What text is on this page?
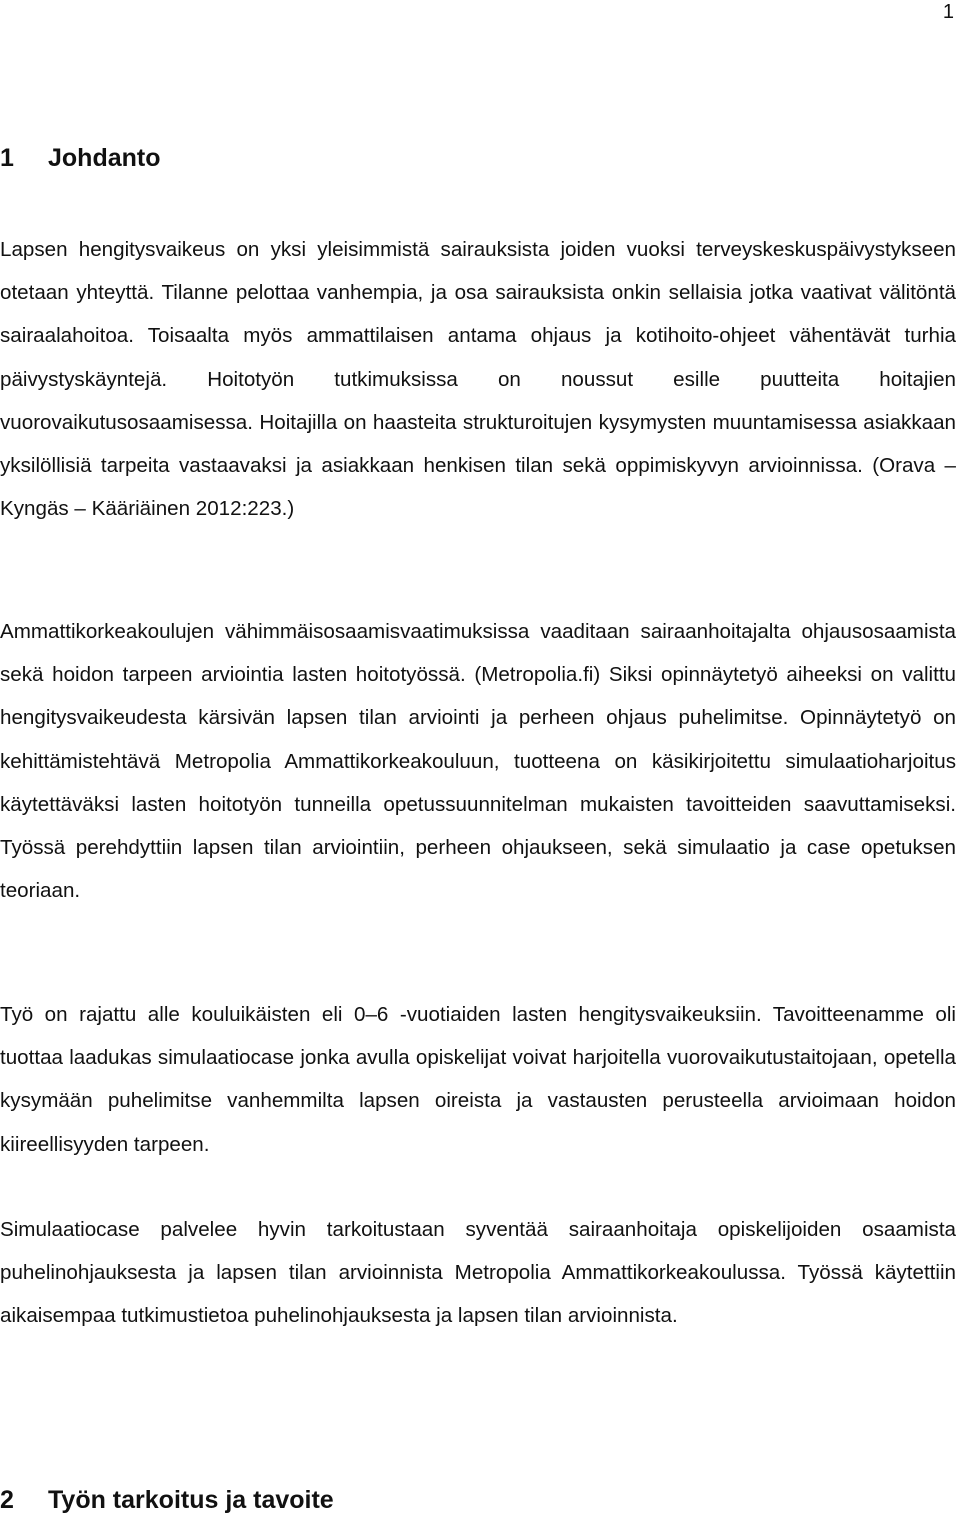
1
1 Johdanto

Lapsen hengitysvaikeus on yksi yleisimmistä sairauksista joiden vuoksi terveyskeskuspäivystykseen otetaan yhteyttä. Tilanne pelottaa vanhempia, ja osa sairauksista onkin sellaisia jotka vaativat välitöntä sairaalahoitoa. Toisaalta myös ammattilaisen antama ohjaus ja kotihoito-ohjeet vähentävät turhia päivystyskäyntejä. Hoitotyön tutkimuksissa on noussut esille puutteita hoitajien vuorovaikutusosaamisessa. Hoitajilla on haasteita strukturoitujen kysymysten muuntamisessa asiakkaan yksilöllisiä tarpeita vastaavaksi ja asiakkaan henkisen tilan sekä oppimiskyvyn arvioinnissa. (Orava – Kyngäs – Kääriäinen 2012:223.)

Ammattikorkeakoulujen vähimmäisosaamisvaatimuksissa vaaditaan sairaanhoitajalta ohjausosaamista sekä hoidon tarpeen arviointia lasten hoitotyössä. (Metropolia.fi) Siksi opinnäytetyö aiheeksi on valittu hengitysvaikeudesta kärsivän lapsen tilan arviointi ja perheen ohjaus puhelimitse. Opinnäytetyö on kehittämistehtävä Metropolia Ammattikorkeakouluun, tuotteena on käsikirjoitettu simulaatioharjoitus käytettäväksi lasten hoitotyön tunneilla opetussuunnitelman mukaisten tavoitteiden saavuttamiseksi. Työssä perehdyttiin lapsen tilan arviointiin, perheen ohjaukseen, sekä simulaatio ja case opetuksen teoriaan.

Työ on rajattu alle kouluikäisten eli 0–6 -vuotiaiden lasten hengitysvaikeuksiin. Tavoitteenamme oli tuottaa laadukas simulaatiocase jonka avulla opiskelijat voivat harjoitella vuorovaikutustaitojaan, opetella kysymään puhelimitse vanhemmilta lapsen oireista ja vastausten perusteella arvioimaan hoidon kiireellisyyden tarpeen.

Simulaatiocase palvelee hyvin tarkoitustaan syventää sairaanhoitaja opiskelijoiden osaamista puhelinohjauksesta ja lapsen tilan arvioinnista Metropolia Ammattikorkeakoulussa. Työssä käytettiin aikaisempaa tutkimustietoa puhelinohjauksesta ja lapsen tilan arvioinnista.

2 Työn tarkoitus ja tavoite
